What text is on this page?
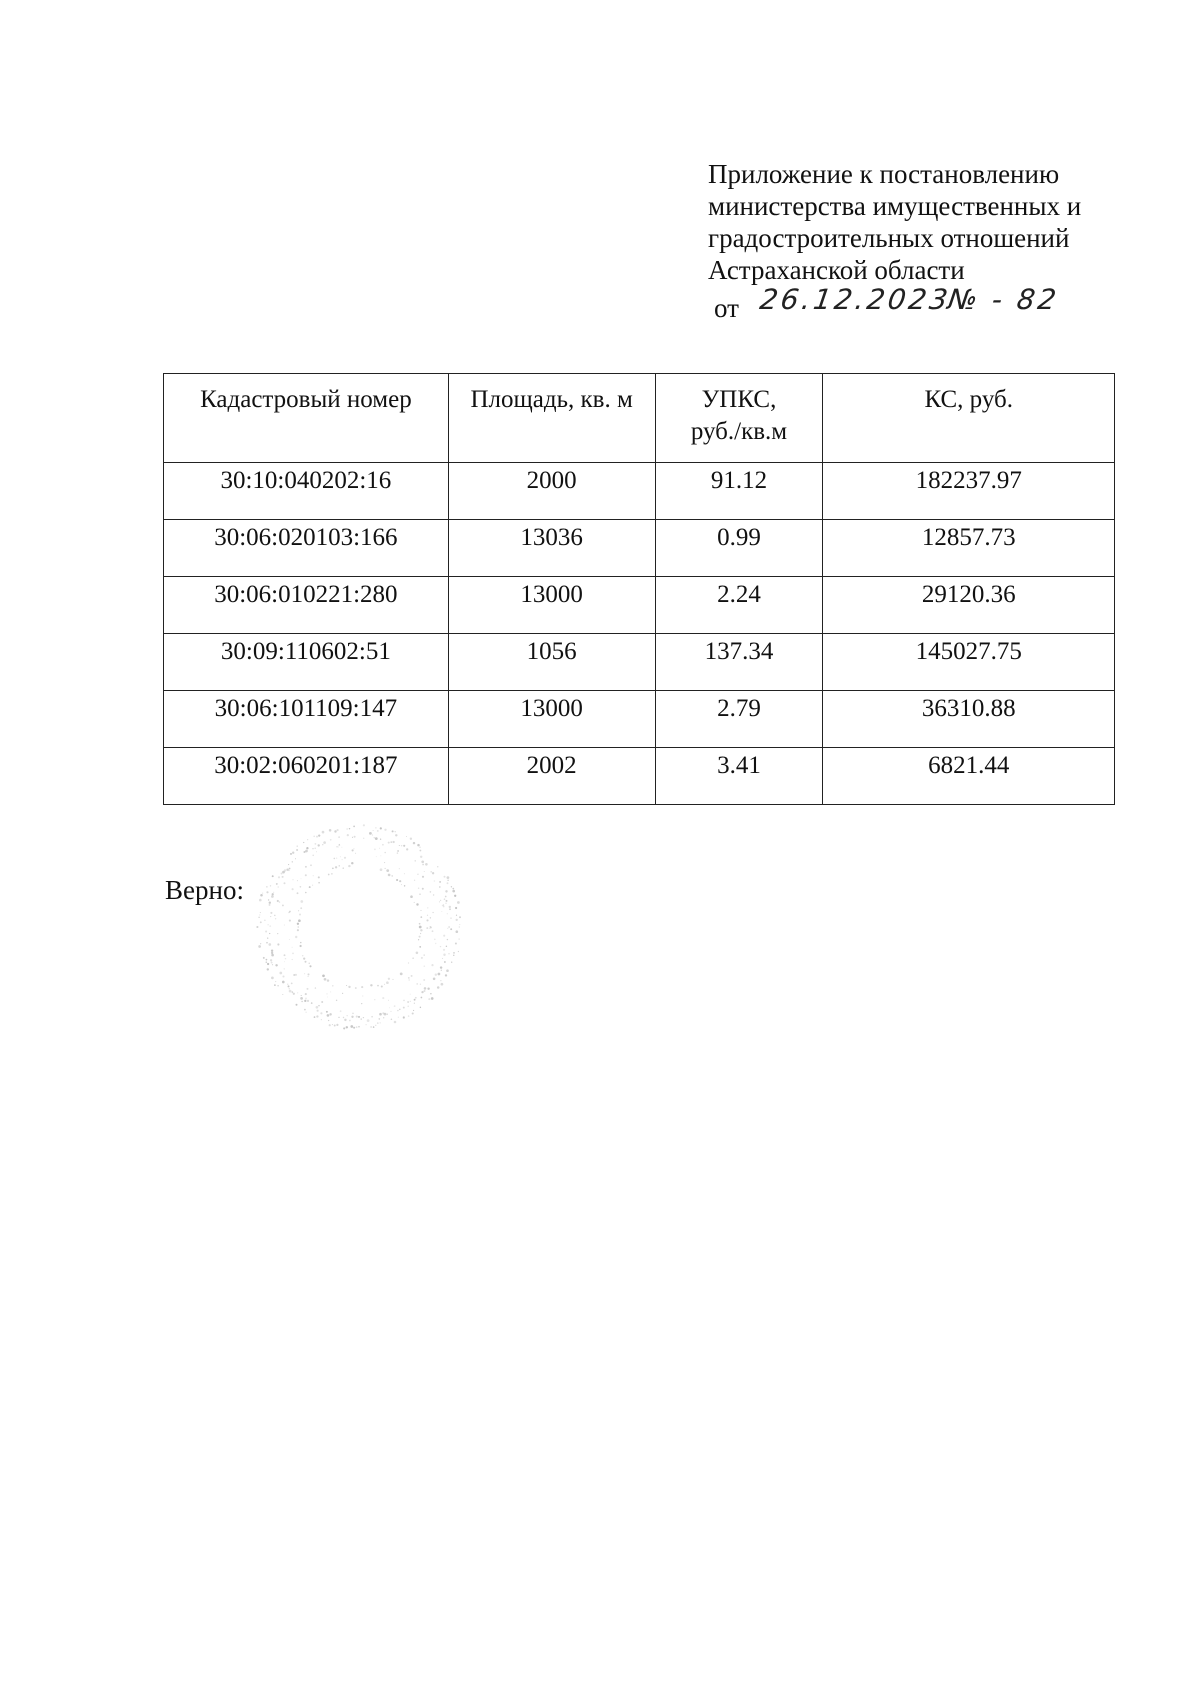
Приложение к постановлению
министерства имущественных и
градостроительных отношений
Астраханской области
от 26.12.2023
№ - 82
Кадастровый номер	Площадь, кв. м	УПКС, руб./кв.м	КС, руб.
30:10:040202:16	2000	91.12	182237.97
30:06:020103:166	13036	0.99	12857.73
30:06:010221:280	13000	2.24	29120.36
30:09:110602:51	1056	137.34	145027.75
30:06:101109:147	13000	2.79	36310.88
30:02:060201:187	2002	3.41	6821.44
Верно:
